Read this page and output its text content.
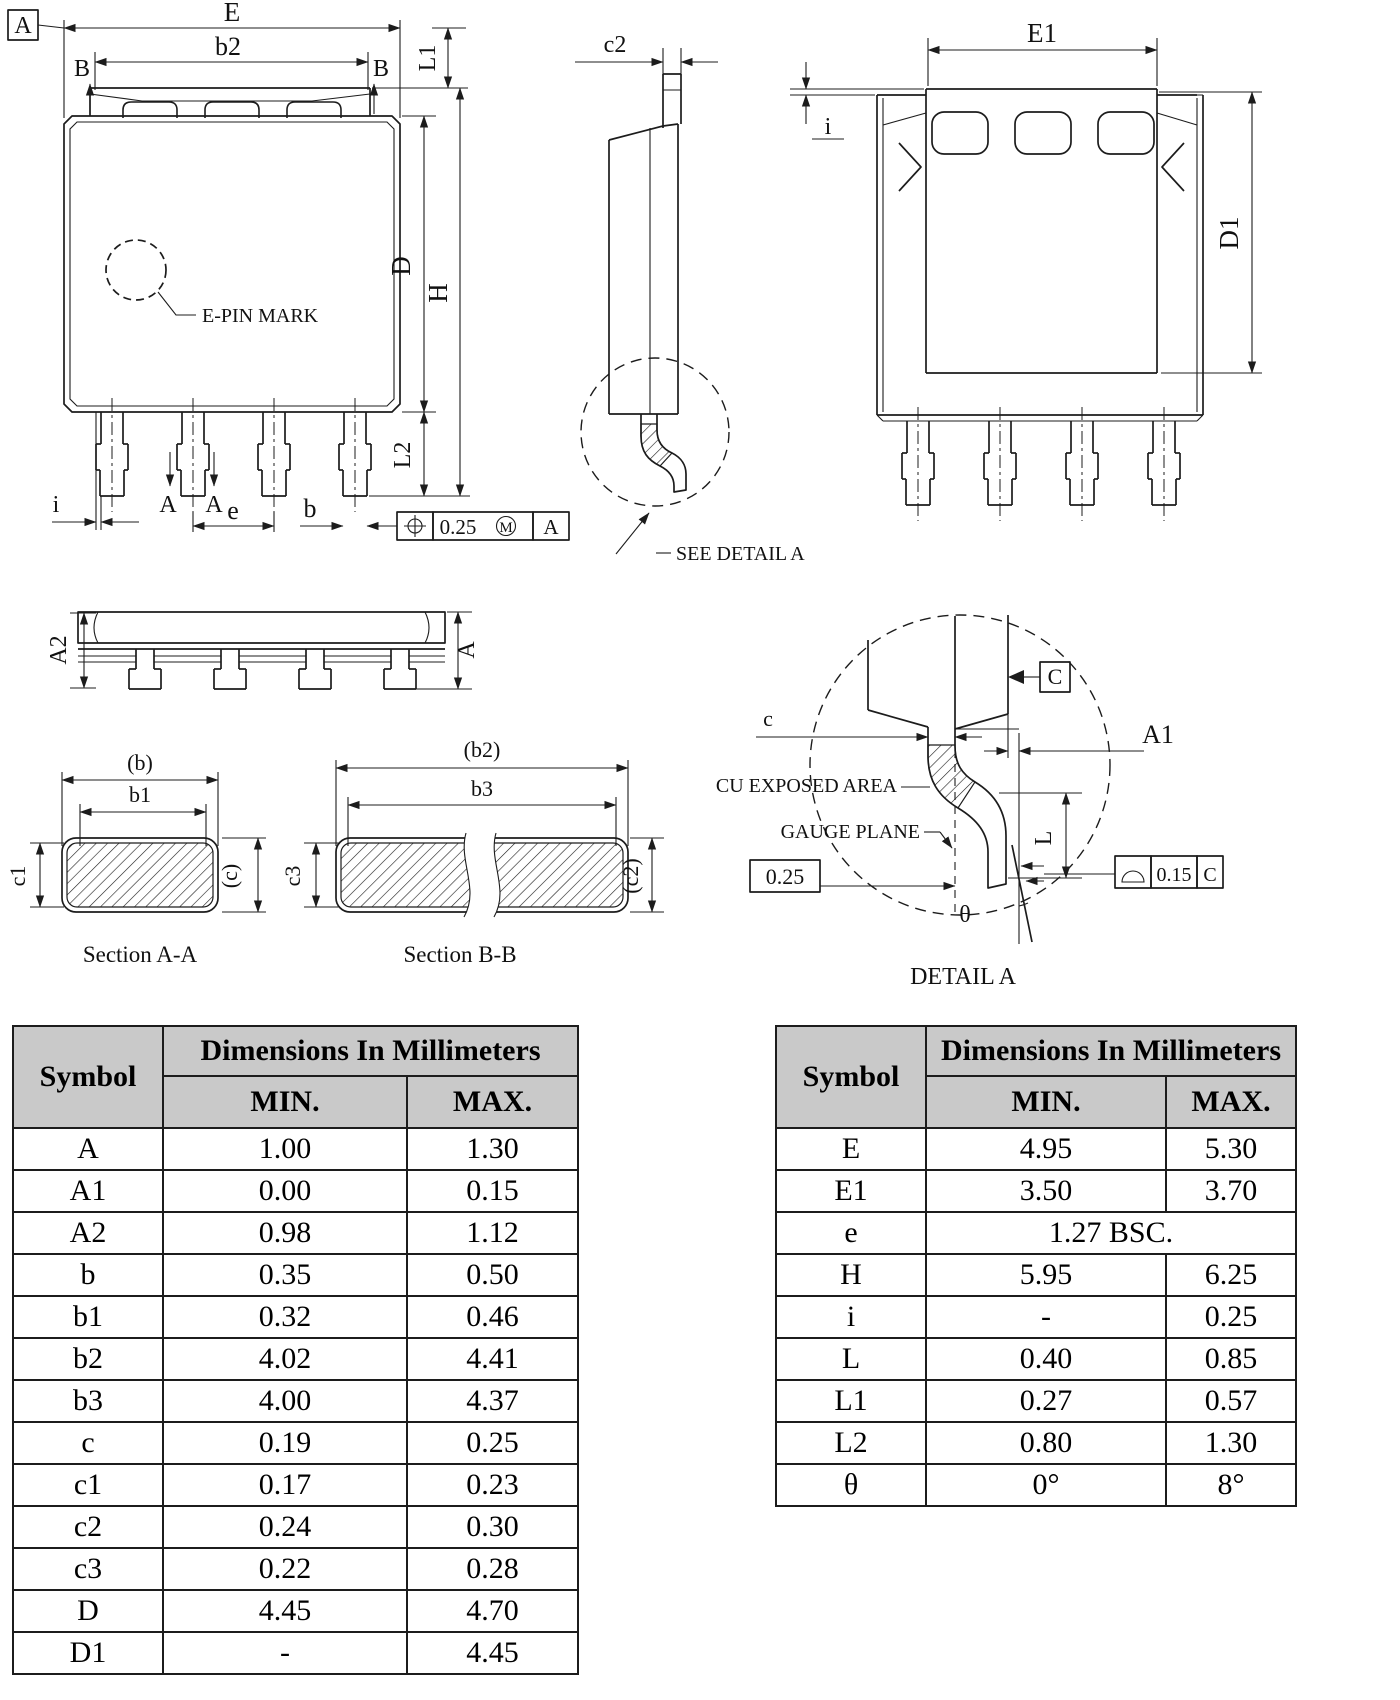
A	E
b2
B	B
E-PIN MARK
i	A A e b
0.25 M A
L1
D
L2
H
c2
SEE DETAIL A
E1
i
D1
A2	A
(b)
b1
c1	(c)
Section A-A
(b2)
b3
c3	(c2)
Section B-B
c
C
A1
CU EXPOSED AREA
GAUGE PLANE
0.25
L
0.15 C
θ
DETAIL A
Symbol	Dimensions In Millimeters	
	MIN.	MAX.
A	1.00	1.30
A1	0.00	0.15
A2	0.98	1.12
b	0.35	0.50
b1	0.32	0.46
b2	4.02	4.41
b3	4.00	4.37
c	0.19	0.25
c1	0.17	0.23
c2	0.24	0.30
c3	0.22	0.28
D	4.45	4.70
D1	-	4.45
Symbol	Dimensions In Millimeters	
	MIN.	MAX.
E	4.95	5.30
E1	3.50	3.70
e	1.27 BSC.	
H	5.95	6.25
i	-	0.25
L	0.40	0.85
L1	0.27	0.57
L2	0.80	1.30
θ	0°	8°
